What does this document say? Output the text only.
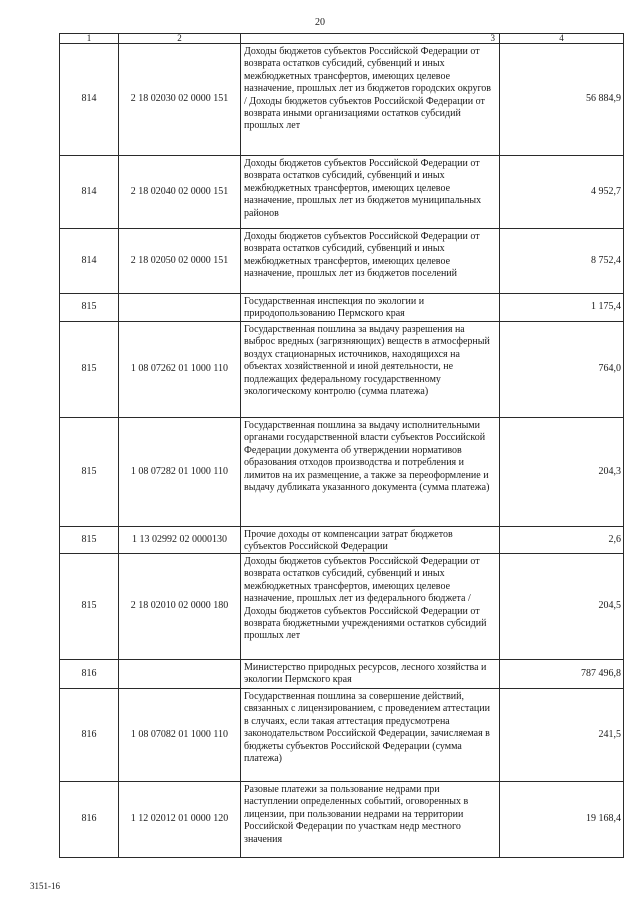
20
1	2	3	4
814	2 18 02030 02 0000 151	Доходы бюджетов субъектов Российской Федерации от возврата остатков субсидий, субвенций и иных межбюджетных трансфертов, имеющих целевое назначение, прошлых лет из бюджетов городских округов / Доходы бюджетов субъектов Российской Федерации от возврата иными организациями остатков субсидий прошлых лет	56 884,9
814	2 18 02040 02 0000 151	Доходы бюджетов субъектов Российской Федерации от возврата остатков субсидий, субвенций и иных межбюджетных трансфертов, имеющих целевое назначение, прошлых лет из бюджетов муниципальных районов	4 952,7
814	2 18 02050 02 0000 151	Доходы бюджетов субъектов Российской Федерации от возврата остатков субсидий, субвенций и иных межбюджетных трансфертов, имеющих целевое назначение, прошлых лет из бюджетов поселений	8 752,4
815		Государственная инспекция по экологии и природопользованию Пермского края	1 175,4
815	1 08 07262 01 1000 110	Государственная пошлина за выдачу разрешения на выброс вредных (загрязняющих) веществ в атмосферный воздух стационарных источников, находящихся на объектах хозяйственной и иной деятельности, не подлежащих федеральному государственному экологическому контролю (сумма платежа)	764,0
815	1 08 07282 01 1000 110	Государственная пошлина за выдачу исполнительными органами государственной власти субъектов Российской Федерации документа об утверждении нормативов образования отходов производства и потребления и лимитов на их размещение, а также за переоформление и выдачу дубликата указанного документа (сумма платежа)	204,3
815	1 13 02992 02 0000130	Прочие доходы от компенсации затрат бюджетов субъектов Российской Федерации	2,6
815	2 18 02010 02 0000 180	Доходы бюджетов субъектов Российской Федерации от возврата остатков субсидий, субвенций и иных межбюджетных трансфертов, имеющих целевое назначение, прошлых лет из федерального бюджета / Доходы бюджетов субъектов Российской Федерации от возврата бюджетными учреждениями остатков субсидий прошлых лет	204,5
816		Министерство природных ресурсов, лесного хозяйства и экологии Пермского края	787 496,8
816	1 08 07082 01 1000 110	Государственная пошлина за совершение действий, связанных с лицензированием, с проведением аттестации в случаях, если такая аттестация предусмотрена законодательством Российской Федерации, зачисляемая в бюджеты субъектов Российской Федерации (сумма платежа)	241,5
816	1 12 02012 01 0000 120	Разовые платежи за пользование недрами при наступлении определенных событий, оговоренных в лицензии, при пользовании недрами на территории Российской Федерации по участкам недр местного значения	19 168,4
3151-16
